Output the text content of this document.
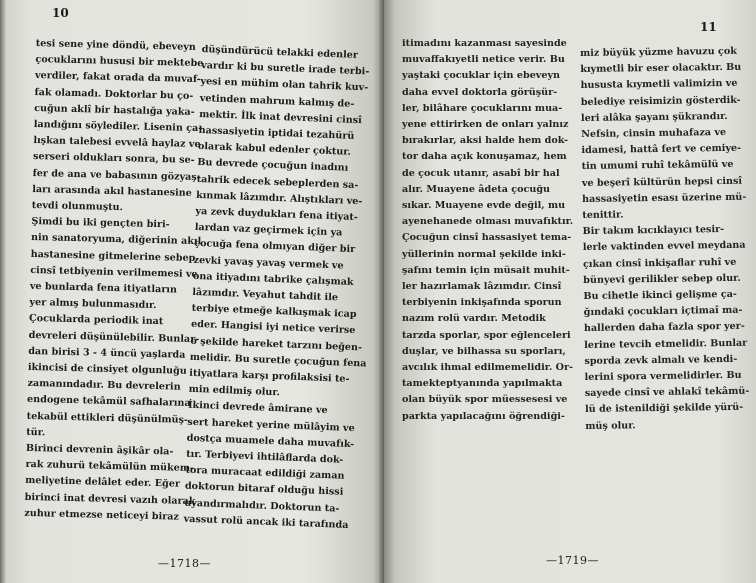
10

tesi sene yine döndü, ebeveyn
çocuklarını hususi bir mektebe
verdiler, fakat orada da muvaf-
fak olamadı. Doktorlar bu ço-
cuğun aklî bir hastalığa yaka-
landığını söylediler. Lisenin ça-
lışkan talebesi evvelâ haylaz ve
serseri oldukları sonra, bu se-
fer de ana ve babasının gözyaş-
ları arasında akıl hastanesine
tevdi olunmuştu.
Şimdi bu iki gençten biri-
nin sanatoryuma, diğerinin akıl
hastanesine gitmelerine sebep
cinsî tetbiyenin verilmemesi ve
ve bunlarda fena itiyatların
yer almış bulunmasıdır.
Çocuklarda periodik inat
devreleri düşünülebilir. Bunlar-
dan birisi 3 - 4 üncü yaşlarda
ikincisi de cinsiyet olgunluğu
zamanındadır. Bu devrelerin
endogene tekâmül safhalarına
tekabül ettikleri düşünülmüş-
tür.
Birinci devrenin âşikâr ola-
rak zuhurü tekâmülün mükem-
meliyetine delâlet eder. Eğer
birinci inat devresi vazıh olarak
zuhur etmezse neticeyi biraz
düşündürücü telakki edenler
vardır ki bu suretle irade terbi-
yesi en mühim olan tahrik kuv-
vetinden mahrum kalmış de-
mektir. İlk inat devresini cinsî
hassasiyetin iptidai tezahürü
olarak kabul edenler çoktur.
Bu devrede çocuğun inadını
tahrik edecek sebeplerden sa-
kınmak lâzımdır. Alıştıkları ve-
ya zevk duydukları fena itiyat-
lardan vaz geçirmek için ya
çocuğa fena olmıyan diğer bir
zevki yavaş yavaş vermek ve
ona itiyadını tabrike çalışmak
lâzımdır. Veyahut tahdit ile
terbiye etmeğe kalkışmak icap
eder. Hangisi iyi netice verirse
o şekilde hareket tarzını beğen-
melidir. Bu suretle çocuğun fena
itiyatlara karşı profilaksisi te-
min edilmiş olur.
İkinci devrede âmirane ve
sert hareket yerine mülâyim ve
dostça muamele daha muvafık-
tır. Terbiyevi ihtilâflarda dok-
tora muracaat edildiği zaman
doktorun bitaraf olduğu hissi
uyandırmalıdır. Doktorun ta-
vassut rolü ancak iki tarafında

—1718—

11

itimadını kazanması sayesinde
muvaffakıyetli netice verir. Bu
yaştaki çocuklar için ebeveyn
daha evvel doktorla görüşür-
ler, bilâhare çocuklarını mua-
yene ettirirken de onları yalnız
bırakırlar, aksi halde hem dok-
tor daha açık konuşamaz, hem
de çocuk utanır, asabî bir hal
alır. Muayene âdeta çocuğu
sıkar. Muayene evde değil, mu
ayenehanede olması muvafıktır.
Çocuğun cinsî hassasiyet tema-
yüllerinin normal şekilde inki-
şafını temin için müsait muhit-
ler hazırlamak lâzımdır. Cinsî
terbiyenin inkişafında sporun
nazım rolü vardır. Metodik
tarzda sporlar, spor eğlenceleri
duşlar, ve bilhassa su sporları,
avcılık ihmal edilmemelidir. Or-
tamekteptyanında yapılmakta
olan büyük spor müessesesi ve
parkta yapılacağını öğrendiği-
miz büyük yüzme havuzu çok
kıymetli bir eser olacaktır. Bu
hususta kıymetli valimizin ve
belediye reisimizin gösterdik-
leri alâka şayanı şükrandır.
Nefsin, cinsin muhafaza ve
idamesi, hattâ fert ve cemiye-
tin umumi ruhî tekâmülü ve
ve beşerî kültürün hepsi cinsî
hassasiyetin esası üzerine mü-
tenittir.
Bir takım kıcıklayıcı tesir-
lerle vaktinden evvel meydana
çıkan cinsî inkişaflar ruhî ve
bünyevi gerilikler sebep olur.
Bu cihetle ikinci gelişme ça-
ğındaki çocukları içtimaî ma-
hallerden daha fazla spor yer-
lerine tevcih etmelidir. Bunlar
sporda zevk almalı ve kendi-
lerini spora vermelidirler. Bu
sayede cinsî ve ahlakî tekâmü-
lü de istenildiği şekilde yürü-
müş olur.

—1719—
